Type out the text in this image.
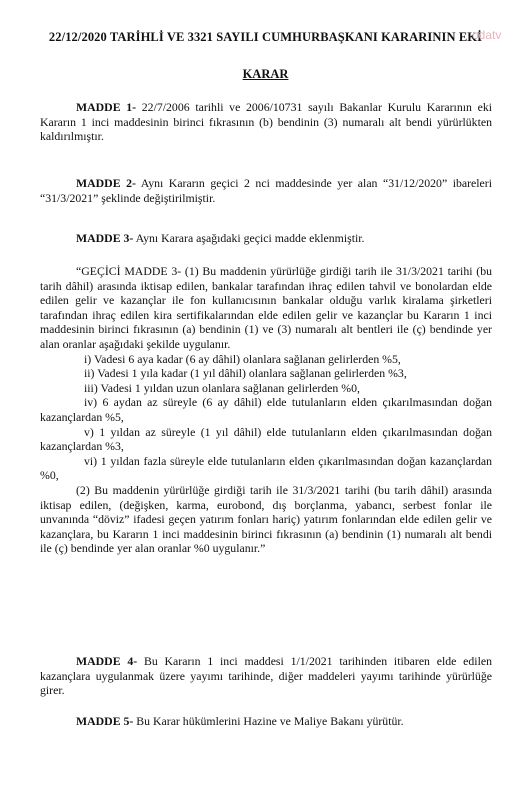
22/12/2020 TARİHLİ VE 3321 SAYILI CUMHURBAŞKANI KARARININ EKİ
odatv
KARAR

MADDE 1- 22/7/2006 tarihli ve 2006/10731 sayılı Bakanlar Kurulu Kararının eki Kararın 1 inci maddesinin birinci fıkrasının (b) bendinin (3) numaralı alt bendi yürürlükten kaldırılmıştır.

MADDE 2- Aynı Kararın geçici 2 nci maddesinde yer alan “31/12/2020” ibareleri “31/3/2021” şeklinde değiştirilmiştir.

MADDE 3- Aynı Karara aşağıdaki geçici madde eklenmiştir.

“GEÇİCİ MADDE 3- (1) Bu maddenin yürürlüğe girdiği tarih ile 31/3/2021 tarihi (bu tarih dâhil) arasında iktisap edilen, bankalar tarafından ihraç edilen tahvil ve bonolardan elde edilen gelir ve kazançlar ile fon kullanıcısının bankalar olduğu varlık kiralama şirketleri tarafından ihraç edilen kira sertifikalarından elde edilen gelir ve kazançlar bu Kararın 1 inci maddesinin birinci fıkrasının (a) bendinin (1) ve (3) numaralı alt bentleri ile (ç) bendinde yer alan oranlar aşağıdaki şekilde uygulanır.

i) Vadesi 6 aya kadar (6 ay dâhil) olanlara sağlanan gelirlerden %5,

ii) Vadesi 1 yıla kadar (1 yıl dâhil) olanlara sağlanan gelirlerden %3,

iii) Vadesi 1 yıldan uzun olanlara sağlanan gelirlerden %0,

iv) 6 aydan az süreyle (6 ay dâhil) elde tutulanların elden çıkarılmasından doğan kazançlardan %5,

v) 1 yıldan az süreyle (1 yıl dâhil) elde tutulanların elden çıkarılmasından doğan kazançlardan %3,

vi) 1 yıldan fazla süreyle elde tutulanların elden çıkarılmasından doğan kazançlardan %0,

(2) Bu maddenin yürürlüğe girdiği tarih ile 31/3/2021 tarihi (bu tarih dâhil) arasında iktisap edilen, (değişken, karma, eurobond, dış borçlanma, yabancı, serbest fonlar ile unvanında “döviz” ifadesi geçen yatırım fonları hariç) yatırım fonlarından elde edilen gelir ve kazançlara, bu Kararın 1 inci maddesinin birinci fıkrasının (a) bendinin (1) numaralı alt bendi ile (ç) bendinde yer alan oranlar %0 uygulanır.”

MADDE 4- Bu Kararın 1 inci maddesi 1/1/2021 tarihinden itibaren elde edilen kazançlara uygulanmak üzere yayımı tarihinde, diğer maddeleri yayımı tarihinde yürürlüğe girer.

MADDE 5- Bu Karar hükümlerini Hazine ve Maliye Bakanı yürütür.
